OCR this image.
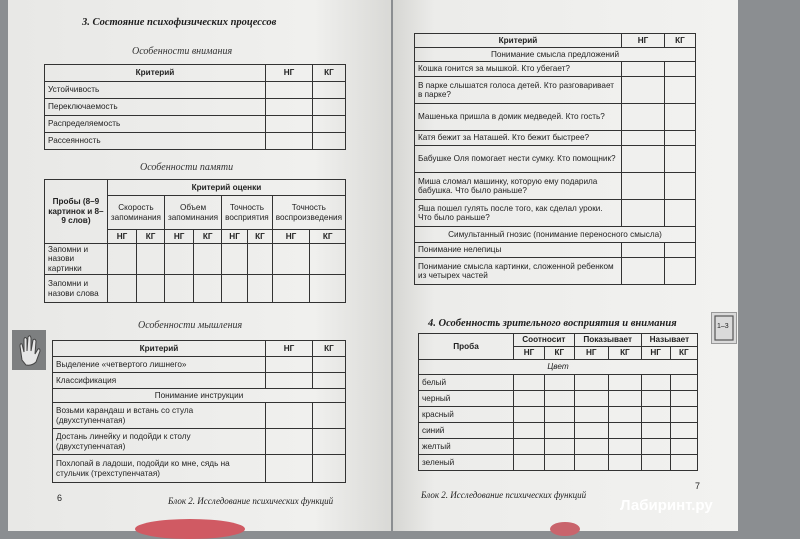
1–3
3. Состояние психофизических процессов
Особенности внимания
Критерий	НГ	КГ
Устойчивость		
Переключаемость		
Распределяемость		
Рассеянность		
Особенности памяти
Пробы (8–9 картинок и 8–9 слов)	Критерий оценки							
	Скорость запоминания		Объем запоминания		Точность восприятия		Точность воспроизведения	
	НГ	КГ	НГ	КГ	НГ	КГ	НГ	КГ
Запомни и назови картинки								
Запомни и назови слова								
Особенности мышления
Критерий	НГ	КГ
Выделение «четвертого лишнего»		
Классификация		
Понимание инструкции		
Возьми карандаш и встань со стула (двухступенчатая)		
Достань линейку и подойди к столу (двухступенчатая)		
Похлопай в ладоши, подойди ко мне, сядь на стульчик (трехступенчатая)		
6	Блок 2. Исследование психических функций
Критерий	НГ	КГ
Понимание смысла предложений		
Кошка гонится за мышкой. Кто убегает?		
В парке слышатся голоса детей. Кто разговаривает в парке?		
Машенька пришла в домик медведей. Кто гость?		
Катя бежит за Наташей. Кто бежит быстрее?		
Бабушке Оля помогает нести сумку. Кто помощник?		
Миша сломал машинку, которую ему подарила бабушка. Что было раньше?		
Яша пошел гулять после того, как сделал уроки. Что было раньше?		
Симультанный гнозис (понимание переносного смысла)		
Понимание нелепицы		
Понимание смысла картинки, сложенной ребенком из четырех частей		
4. Особенность зрительного восприятия и внимания
Проба	Соотносит		Показывает		Называет	
	НГ	КГ	НГ	КГ	НГ	КГ
Цвет						
белый						
черный						
красный						
синий						
желтый						
зеленый						
Блок 2. Исследование психических функций
7
Лабиринт.ру
